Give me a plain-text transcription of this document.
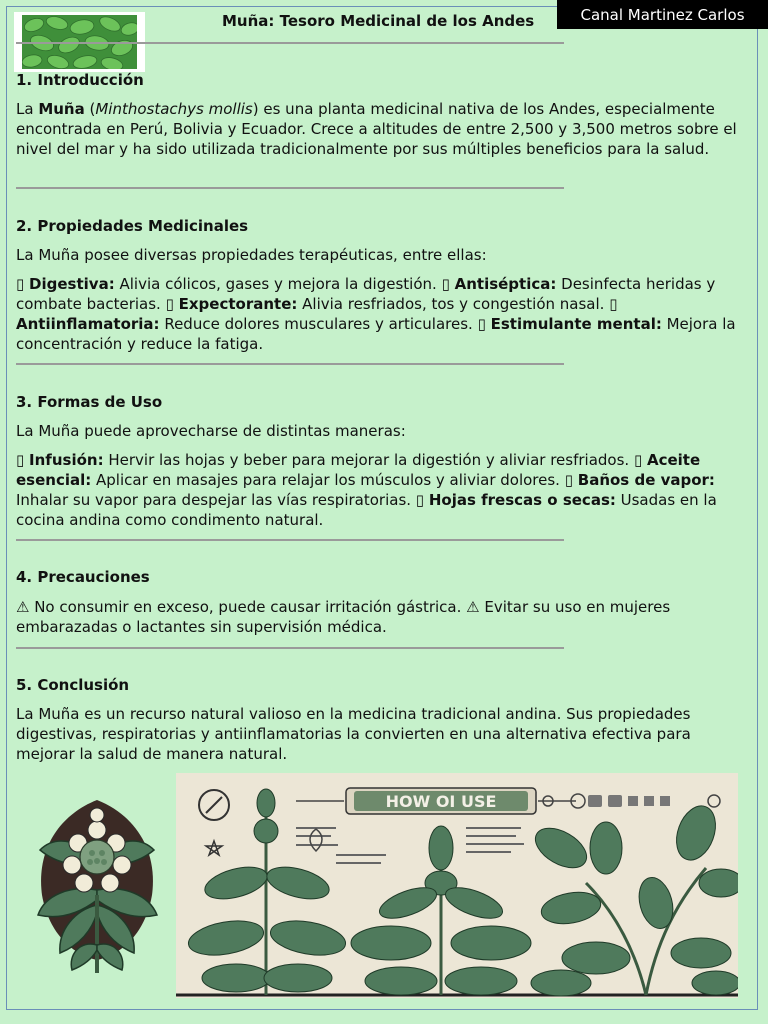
Canal Martinez Carlos
Muña: Tesoro Medicinal de los Andes
1. Introducción

La Muña (Minthostachys mollis) es una planta medicinal nativa de los Andes, especialmente encontrada en Perú, Bolivia y Ecuador. Crece a altitudes de entre 2,500 y 3,500 metros sobre el nivel del mar y ha sido utilizada tradicionalmente por sus múltiples beneficios para la salud.

2. Propiedades Medicinales

La Muña posee diversas propiedades terapéuticas, entre ellas:

▯ Digestiva: Alivia cólicos, gases y mejora la digestión. ▯ Antiséptica: Desinfecta heridas y combate bacterias. ▯ Expectorante: Alivia resfriados, tos y congestión nasal. ▯ Antiinflamatoria: Reduce dolores musculares y articulares. ▯ Estimulante mental: Mejora la concentración y reduce la fatiga.

3. Formas de Uso

La Muña puede aprovecharse de distintas maneras:

▯ Infusión: Hervir las hojas y beber para mejorar la digestión y aliviar resfriados. ▯ Aceite esencial: Aplicar en masajes para relajar los músculos y aliviar dolores. ▯ Baños de vapor: Inhalar su vapor para despejar las vías respiratorias. ▯ Hojas frescas o secas: Usadas en la cocina andina como condimento natural.

4. Precauciones

⚠ No consumir en exceso, puede causar irritación gástrica. ⚠ Evitar su uso en mujeres embarazadas o lactantes sin supervisión médica.

5. Conclusión

La Muña es un recurso natural valioso en la medicina tradicional andina. Sus propiedades digestivas, respiratorias y antiinflamatorias la convierten en una alternativa efectiva para mejorar la salud de manera natural.

HOW OI USE
